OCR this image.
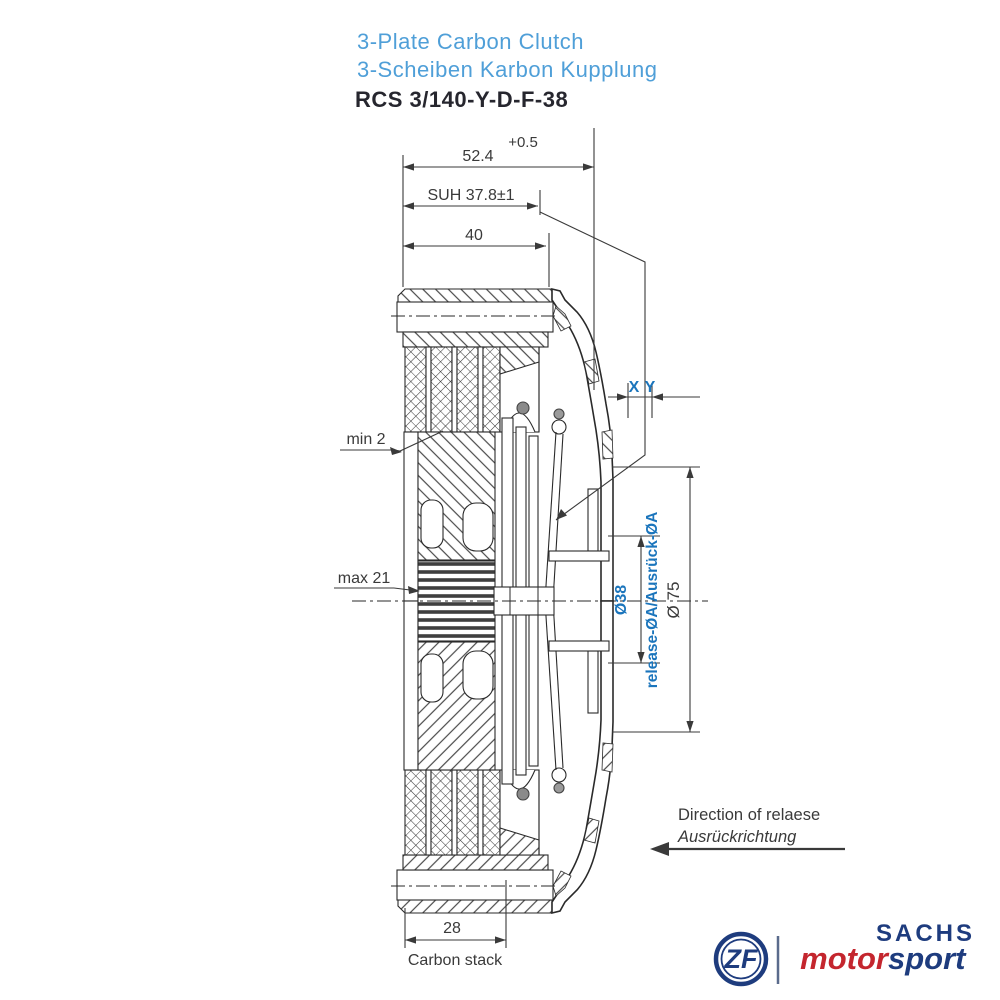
+0.5
52.4
SUH 37.8±1
40
min 2
max 21
X Y
Ø38 release-ØA/Ausrück-ØA Ø 75
28
Carbon stack
Direction of relaese
Ausrückrichtung
3-Plate Carbon Clutch
3-Scheiben Karbon Kupplung
RCS 3/140-Y-D-F-38
ZF
SACHS
motor sport
